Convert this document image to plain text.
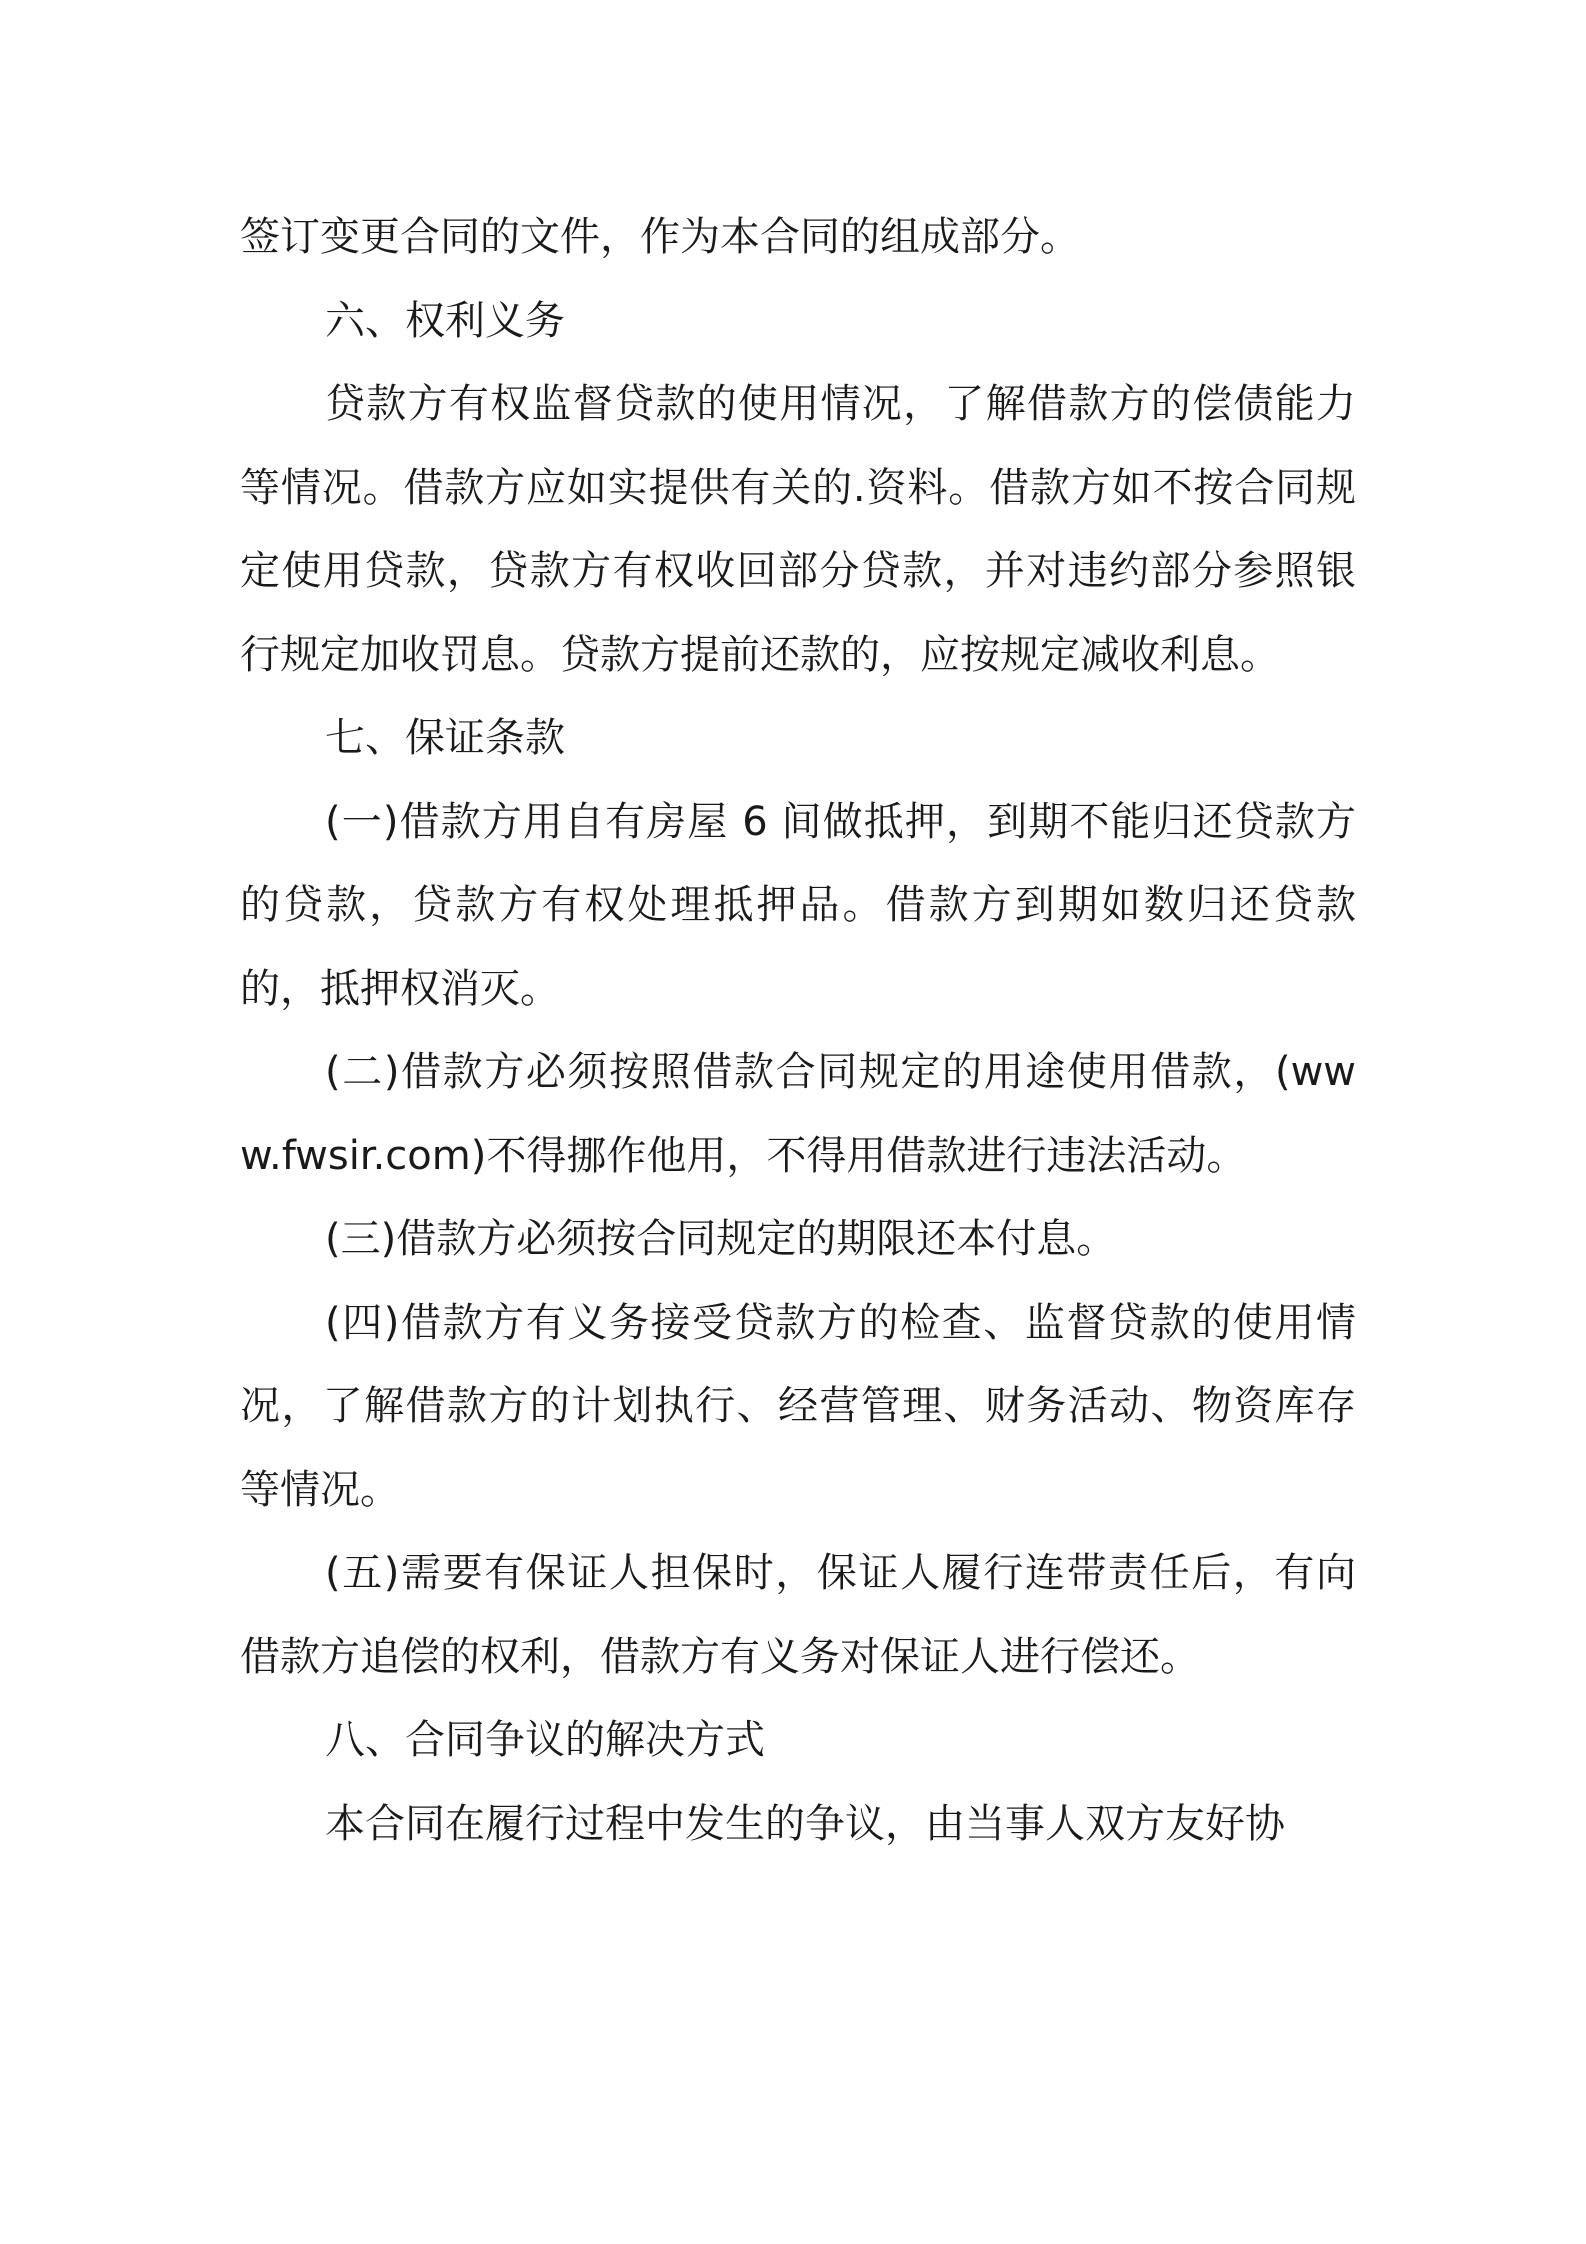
签订变更合同的文件，作为本合同的组成部分。

六、权利义务

贷款方有权监督贷款的使用情况，了解借款方的偿债能力等情况。借款方应如实提供有关的.资料。借款方如不按合同规定使用贷款，贷款方有权收回部分贷款，并对违约部分参照银行规定加收罚息。贷款方提前还款的，应按规定减收利息。

七、保证条款

(一)借款方用自有房屋 6 间做抵押，到期不能归还贷款方的贷款，贷款方有权处理抵押品。借款方到期如数归还贷款的，抵押权消灭。

(二)借款方必须按照借款合同规定的用途使用借款，(www.fwsir.com)不得挪作他用，不得用借款进行违法活动。

(三)借款方必须按合同规定的期限还本付息。

(四)借款方有义务接受贷款方的检查、监督贷款的使用情况，了解借款方的计划执行、经营管理、财务活动、物资库存等情况。

(五)需要有保证人担保时，保证人履行连带责任后，有向借款方追偿的权利，借款方有义务对保证人进行偿还。

八、合同争议的解决方式

本合同在履行过程中发生的争议，由当事人双方友好协
